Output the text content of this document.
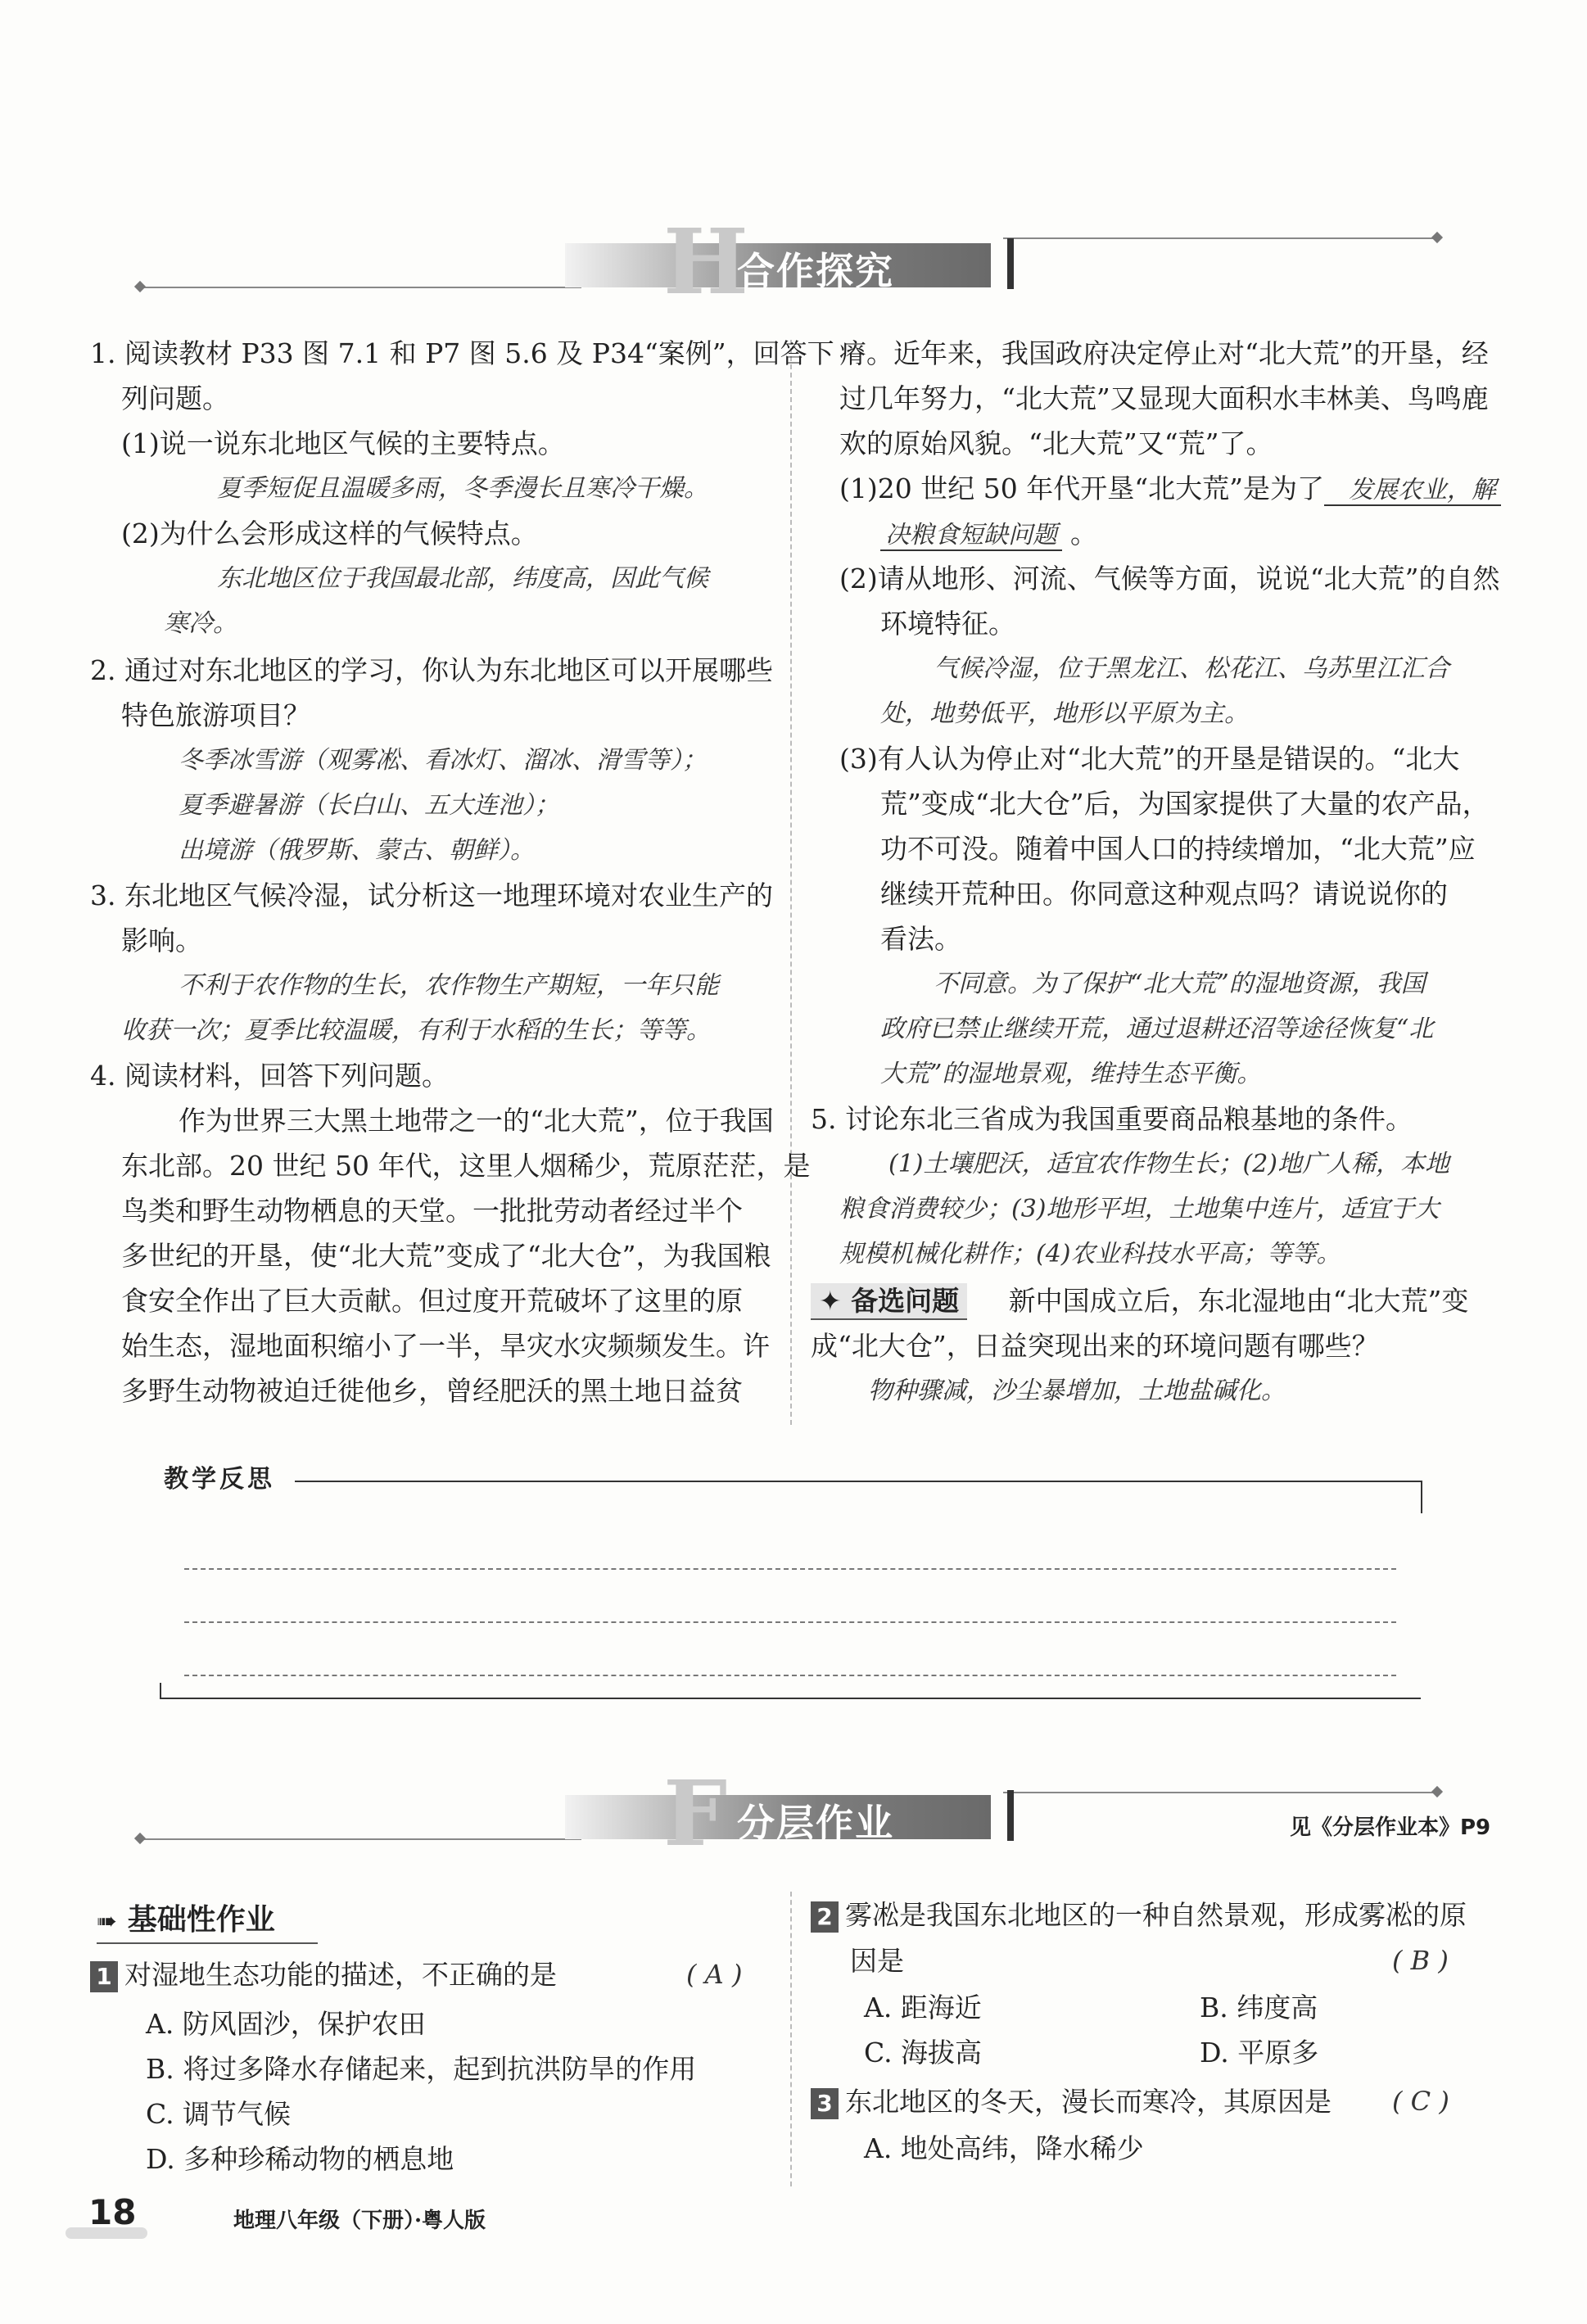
H
合作探究

1. 阅读教材 P33 图 7.1 和 P7 图 5.6 及 P34“案例”，回答下

列问题。

(1)说一说东北地区气候的主要特点。

夏季短促且温暖多雨，冬季漫长且寒冷干燥。

(2)为什么会形成这样的气候特点。

东北地区位于我国最北部，纬度高，因此气候

寒冷。

2. 通过对东北地区的学习，你认为东北地区可以开展哪些

特色旅游项目？

冬季冰雪游（观雾凇、看冰灯、溜冰、滑雪等）；

夏季避暑游（长白山、五大连池）；

出境游（俄罗斯、蒙古、朝鲜）。

3. 东北地区气候冷湿，试分析这一地理环境对农业生产的

影响。

不利于农作物的生长，农作物生产期短，一年只能

收获一次；夏季比较温暖，有利于水稻的生长；等等。

4. 阅读材料，回答下列问题。

作为世界三大黑土地带之一的“北大荒”，位于我国

东北部。20 世纪 50 年代，这里人烟稀少，荒原茫茫，是

鸟类和野生动物栖息的天堂。一批批劳动者经过半个

多世纪的开垦，使“北大荒”变成了“北大仓”，为我国粮

食安全作出了巨大贡献。但过度开荒破坏了这里的原

始生态，湿地面积缩小了一半，旱灾水灾频频发生。许

多野生动物被迫迁徙他乡，曾经肥沃的黑土地日益贫

瘠。近年来，我国政府决定停止对“北大荒”的开垦，经

过几年努力，“北大荒”又显现大面积水丰林美、鸟鸣鹿

欢的原始风貌。“北大荒”又“荒”了。

(1)20 世纪 50 年代开垦“北大荒”是为了 发展农业，解

决粮食短缺问题 。

(2)请从地形、河流、气候等方面，说说“北大荒”的自然

环境特征。

气候冷湿，位于黑龙江、松花江、乌苏里江汇合

处，地势低平，地形以平原为主。

(3)有人认为停止对“北大荒”的开垦是错误的。“北大

荒”变成“北大仓”后，为国家提供了大量的农产品，

功不可没。随着中国人口的持续增加，“北大荒”应

继续开荒种田。你同意这种观点吗？请说说你的

看法。

不同意。为了保护“北大荒”的湿地资源，我国

政府已禁止继续开荒，通过退耕还沼等途径恢复“北

大荒”的湿地景观，维持生态平衡。

5. 讨论东北三省成为我国重要商品粮基地的条件。

(1)土壤肥沃，适宜农作物生长；(2)地广人稀，本地

粮食消费较少；(3)地形平坦，土地集中连片，适宜于大

规模机械化耕作；(4)农业科技水平高；等等。

✦ 备选问题 新中国成立后，东北湿地由“北大荒”变

成“北大仓”，日益突现出来的环境问题有哪些？

物种骤减，沙尘暴增加，土地盐碱化。

教学反思

F 分层作业	见《分层作业本》P9

➠ 基础性作业

1 对湿地生态功能的描述，不正确的是	( A )

A. 防风固沙，保护农田

B. 将过多降水存储起来，起到抗洪防旱的作用

C. 调节气候

D. 多种珍稀动物的栖息地

2 雾凇是我国东北地区的一种自然景观，形成雾凇的原

因是	( B )

A. 距海近	B. 纬度高

C. 海拔高	D. 平原多

3 东北地区的冬天，漫长而寒冷，其原因是 ( C )

A. 地处高纬，降水稀少

18	地理八年级（下册）·粤人版
